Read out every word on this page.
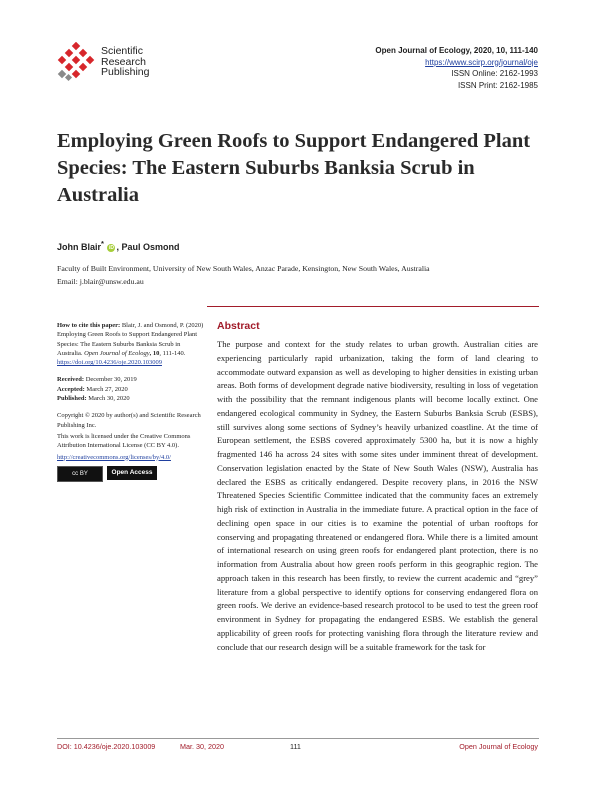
Scientific
Research
Publishing
Open Journal of Ecology, 2020, 10, 111-140
https://www.scirp.org/journal/oje
ISSN Online: 2162-1993
ISSN Print: 2162-1985
Employing Green Roofs to Support Endangered Plant Species: The Eastern Suburbs Banksia Scrub in Australia
John Blair* iD , Paul Osmond
Faculty of Built Environment, University of New South Wales, Anzac Parade, Kensington, New South Wales, Australia
Email: j.blair@unsw.edu.au

How to cite this paper: Blair, J. and Osmond, P. (2020) Employing Green Roofs to Support Endangered Plant Species: The Eastern Suburbs Banksia Scrub in Australia. Open Journal of Ecology, 10, 111-140.
https://doi.org/10.4236/oje.2020.103009

Received: December 30, 2019
Accepted: March 27, 2020
Published: March 30, 2020

Copyright © 2020 by author(s) and Scientific Research Publishing Inc.

This work is licensed under the Creative Commons Attribution International License (CC BY 4.0).

http://creativecommons.org/licenses/by/4.0/

cc BY	Open Access
Abstract

The purpose and context for the study relates to urban growth. Australian cities are experiencing particularly rapid urbanization, taking the form of land clearing to accommodate outward expansion as well as developing to higher densities in existing urban areas. Both forms of development degrade native biodiversity, resulting in loss of vegetation with the possibility that the remnant indigenous plants will become locally extinct. One endangered ecological community in Sydney, the Eastern Suburbs Banksia Scrub (ESBS), still survives along some sections of Sydney’s heavily urbanized coastline. At the time of European settlement, the ESBS covered approximately 5300 ha, but it is now a highly fragmented 146 ha across 24 sites with some sites under imminent threat of development. Conservation legislation enacted by the State of New South Wales (NSW), Australia has declared the ESBS as critically endangered. Despite recovery plans, in 2016 the NSW Threatened Species Scientific Committee indicated that the community faces an extremely high risk of extinction in Australia in the immediate future. A practical option in the face of declining open space in our cities is to examine the potential of urban rooftops for conserving and propagating threatened or endangered flora. While there is a limited amount of international research on using green roofs for endangered plant protection, there is no information from Australia about how green roofs perform in this geographic region. The approach taken in this research has been firstly, to review the current academic and “grey” literature from a global perspective to identify options for conserving endangered flora on green roofs. We derive an evidence-based research protocol to be used to test the green roof environment in Sydney for propagating the endangered ESBS. We establish the general applicability of green roofs for protecting vanishing flora through the literature review and conclude that our research design will be a suitable framework for the task for

DOI: 10.4236/oje.2020.103009	Mar. 30, 2020	111	Open Journal of Ecology
